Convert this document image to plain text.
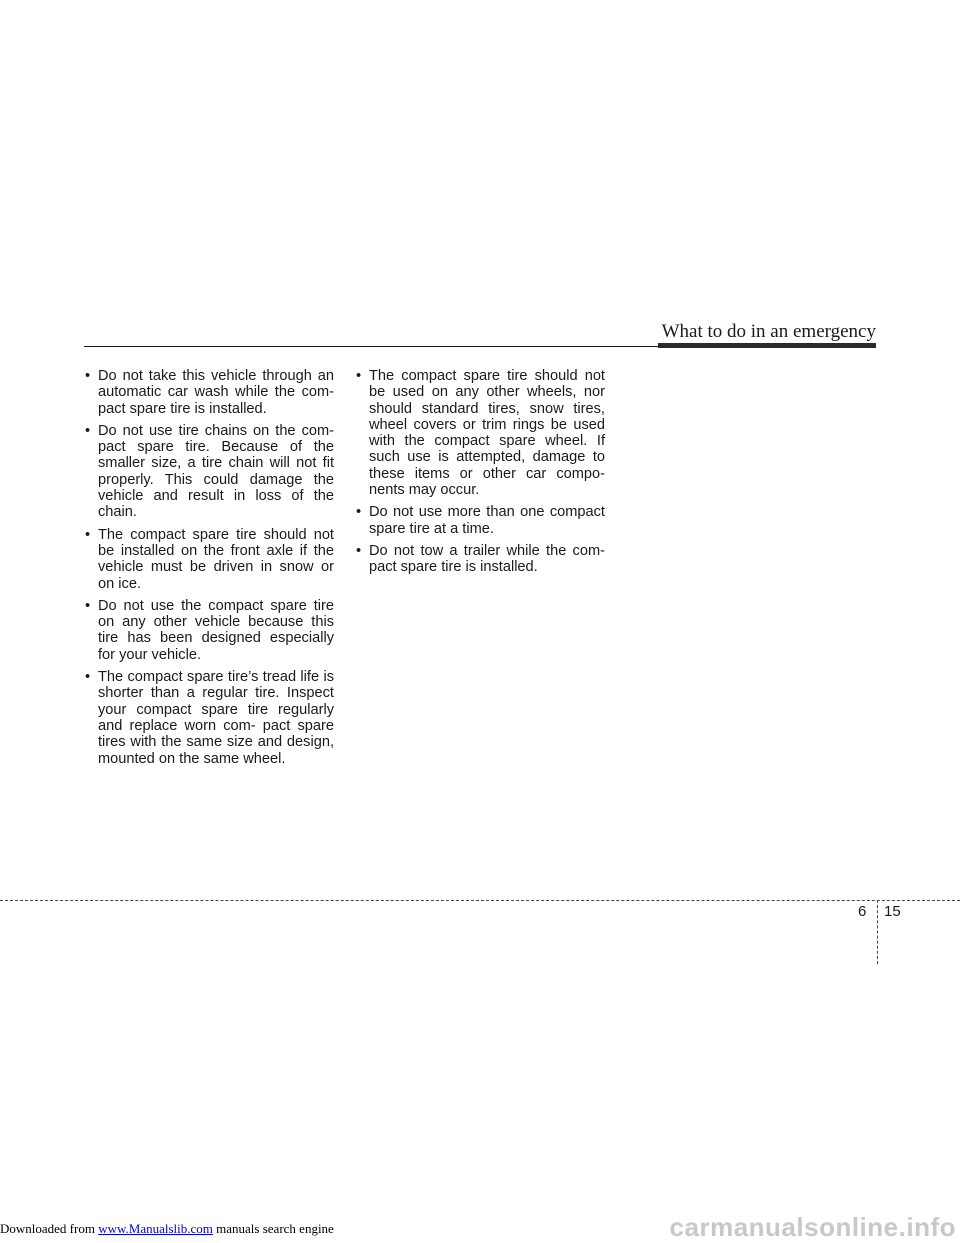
What to do in an emergency
• Do not take this vehicle through an automatic car wash while the com- pact spare tire is installed.
• Do not use tire chains on the com- pact spare tire. Because of the smaller size, a tire chain will not fit properly. This could damage the vehicle and result in loss of the chain.
• The compact spare tire should not be installed on the front axle if the vehicle must be driven in snow or on ice.
• Do not use the compact spare tire on any other vehicle because this tire has been designed especially for your vehicle.
• The compact spare tire’s tread life is shorter than a regular tire. Inspect your compact spare tire regularly and replace worn com- pact spare tires with the same size and design, mounted on the same wheel.
• The compact spare tire should not be used on any other wheels, nor should standard tires, snow tires, wheel covers or trim rings be used with the compact spare wheel. If such use is attempted, damage to these items or other car compo- nents may occur.
• Do not use more than one compact spare tire at a time.
• Do not tow a trailer while the com- pact spare tire is installed.
6 15
Downloaded from www.Manualslib.com manuals search engine	carmanualsonline.info
